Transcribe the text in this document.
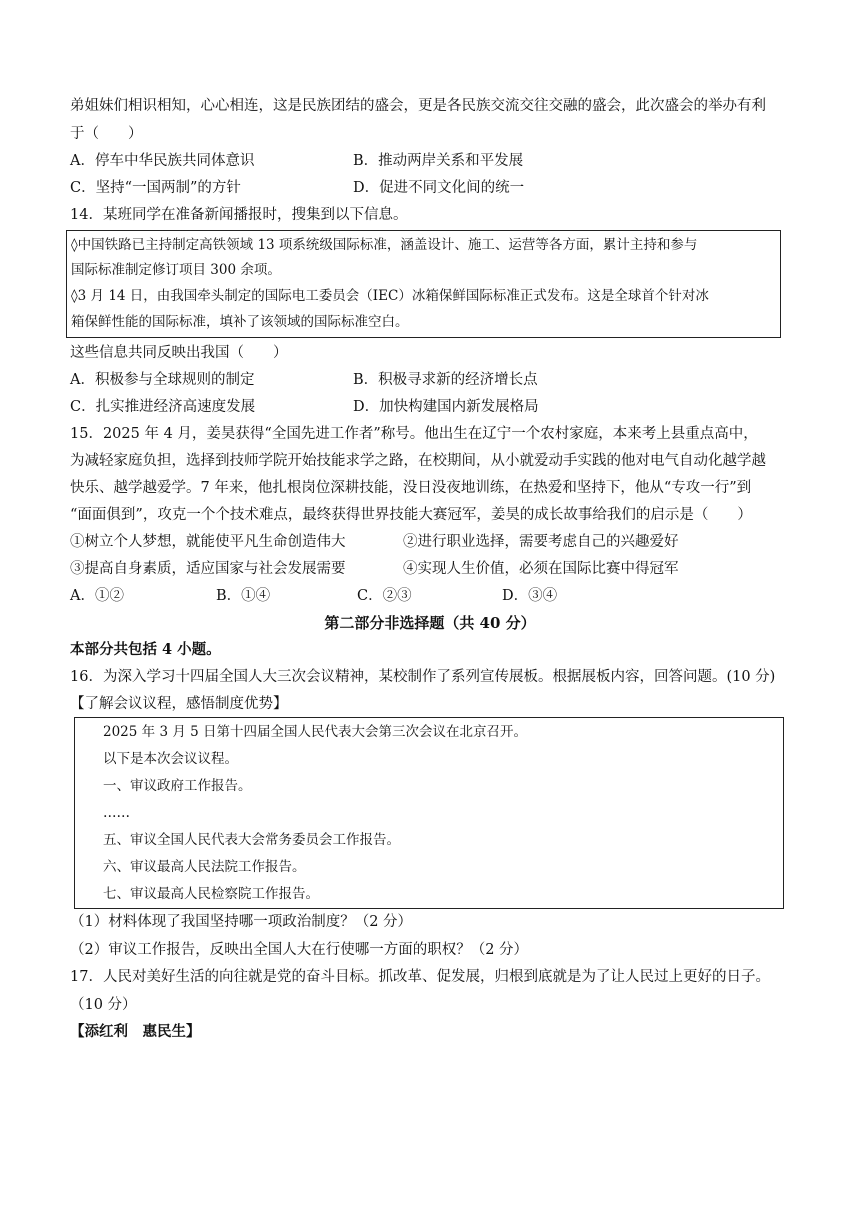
弟姐妹们相识相知，心心相连，这是民族团结的盛会，更是各民族交流交往交融的盛会，此次盛会的举办有利
于（　　）
A．停车中华民族共同体意识	B．推动两岸关系和平发展
C．坚持“一国两制”的方针	D．促进不同文化间的统一
14．某班同学在准备新闻播报时，搜集到以下信息。
◊中国铁路已主持制定高铁领域 13 项系统级国际标准，涵盖设计、施工、运营等各方面，累计主持和参与
国际标准制定修订项目 300 余项。
◊3 月 14 日，由我国牵头制定的国际电工委员会（IEC）冰箱保鲜国际标准正式发布。这是全球首个针对冰
箱保鲜性能的国际标准，填补了该领域的国际标准空白。
这些信息共同反映出我国（　　）
A．积极参与全球规则的制定	B．积极寻求新的经济增长点
C．扎实推进经济高速度发展	D．加快构建国内新发展格局
15．2025 年 4 月，姜昊获得“全国先进工作者”称号。他出生在辽宁一个农村家庭，本来考上县重点高中，
为减轻家庭负担，选择到技师学院开始技能求学之路，在校期间，从小就爱动手实践的他对电气自动化越学越
快乐、越学越爱学。7 年来，他扎根岗位深耕技能，没日没夜地训练，在热爱和坚持下，他从“专攻一行”到
“面面俱到”，攻克一个个技术难点，最终获得世界技能大赛冠军，姜昊的成长故事给我们的启示是（　　）
①树立个人梦想，就能使平凡生命创造伟大	②进行职业选择，需要考虑自己的兴趣爱好
③提高自身素质，适应国家与社会发展需要	④实现人生价值，必须在国际比赛中得冠军
A．①②	B．①④	C．②③	D．③④
第二部分非选择题（共 40 分）
本部分共包括 4 小题。
16．为深入学习十四届全国人大三次会议精神，某校制作了系列宣传展板。根据展板内容，回答问题。(10 分)
【了解会议议程，感悟制度优势】
2025 年 3 月 5 日第十四届全国人民代表大会第三次会议在北京召开。
以下是本次会议议程。
一、审议政府工作报告。
……
五、审议全国人民代表大会常务委员会工作报告。
六、审议最高人民法院工作报告。
七、审议最高人民检察院工作报告。
（1）材料体现了我国坚持哪一项政治制度？（2 分）
（2）审议工作报告，反映出全国人大在行使哪一方面的职权？（2 分）
17．人民对美好生活的向往就是党的奋斗目标。抓改革、促发展，归根到底就是为了让人民过上更好的日子。
（10 分）
【添红利　惠民生】
